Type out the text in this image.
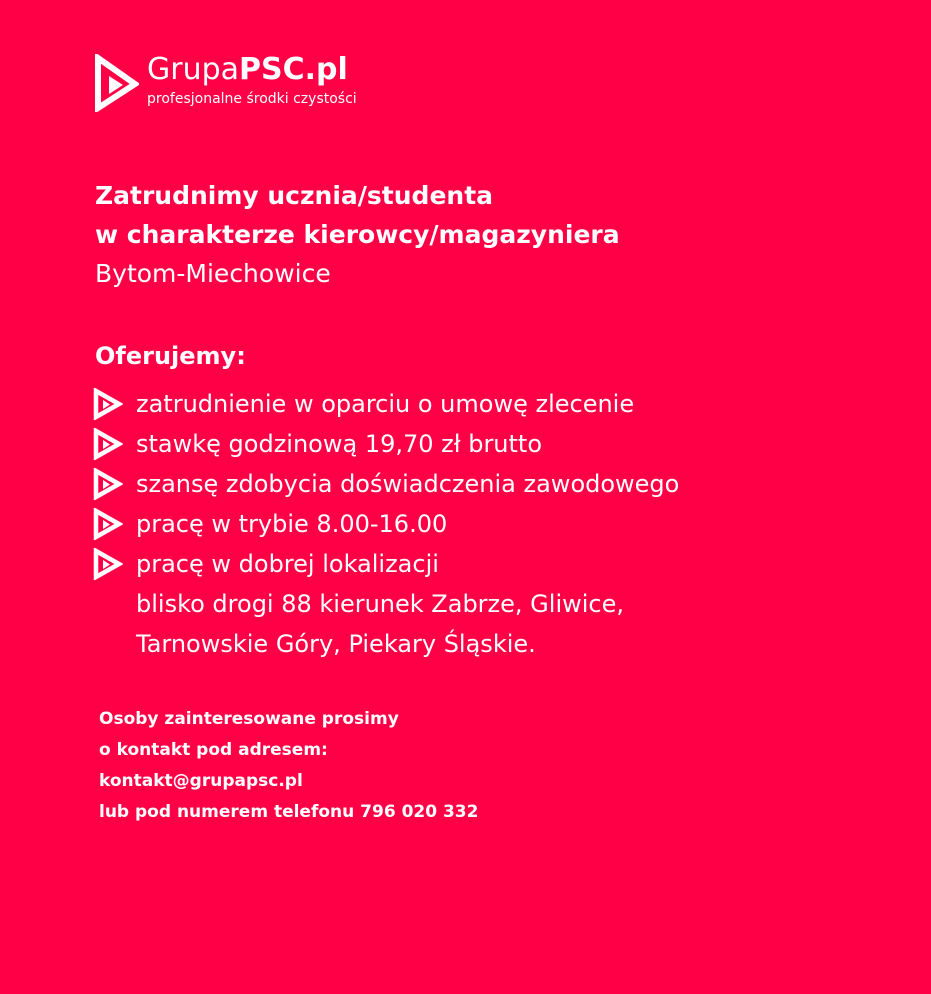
GrupaPSC.pl
profesjonalne środki czystości
Zatrudnimy ucznia/studenta
w charakterze kierowcy/magazyniera
Bytom-Miechowice
Oferujemy:
zatrudnienie w oparciu o umowę zlecenie
stawkę godzinową 19,70 zł brutto
szansę zdobycia doświadczenia zawodowego
pracę w trybie 8.00-16.00
pracę w dobrej lokalizacji
blisko drogi 88 kierunek Zabrze, Gliwice,
Tarnowskie Góry, Piekary Śląskie.
Osoby zainteresowane prosimy
o kontakt pod adresem:
kontakt@grupapsc.pl
lub pod numerem telefonu 796 020 332
